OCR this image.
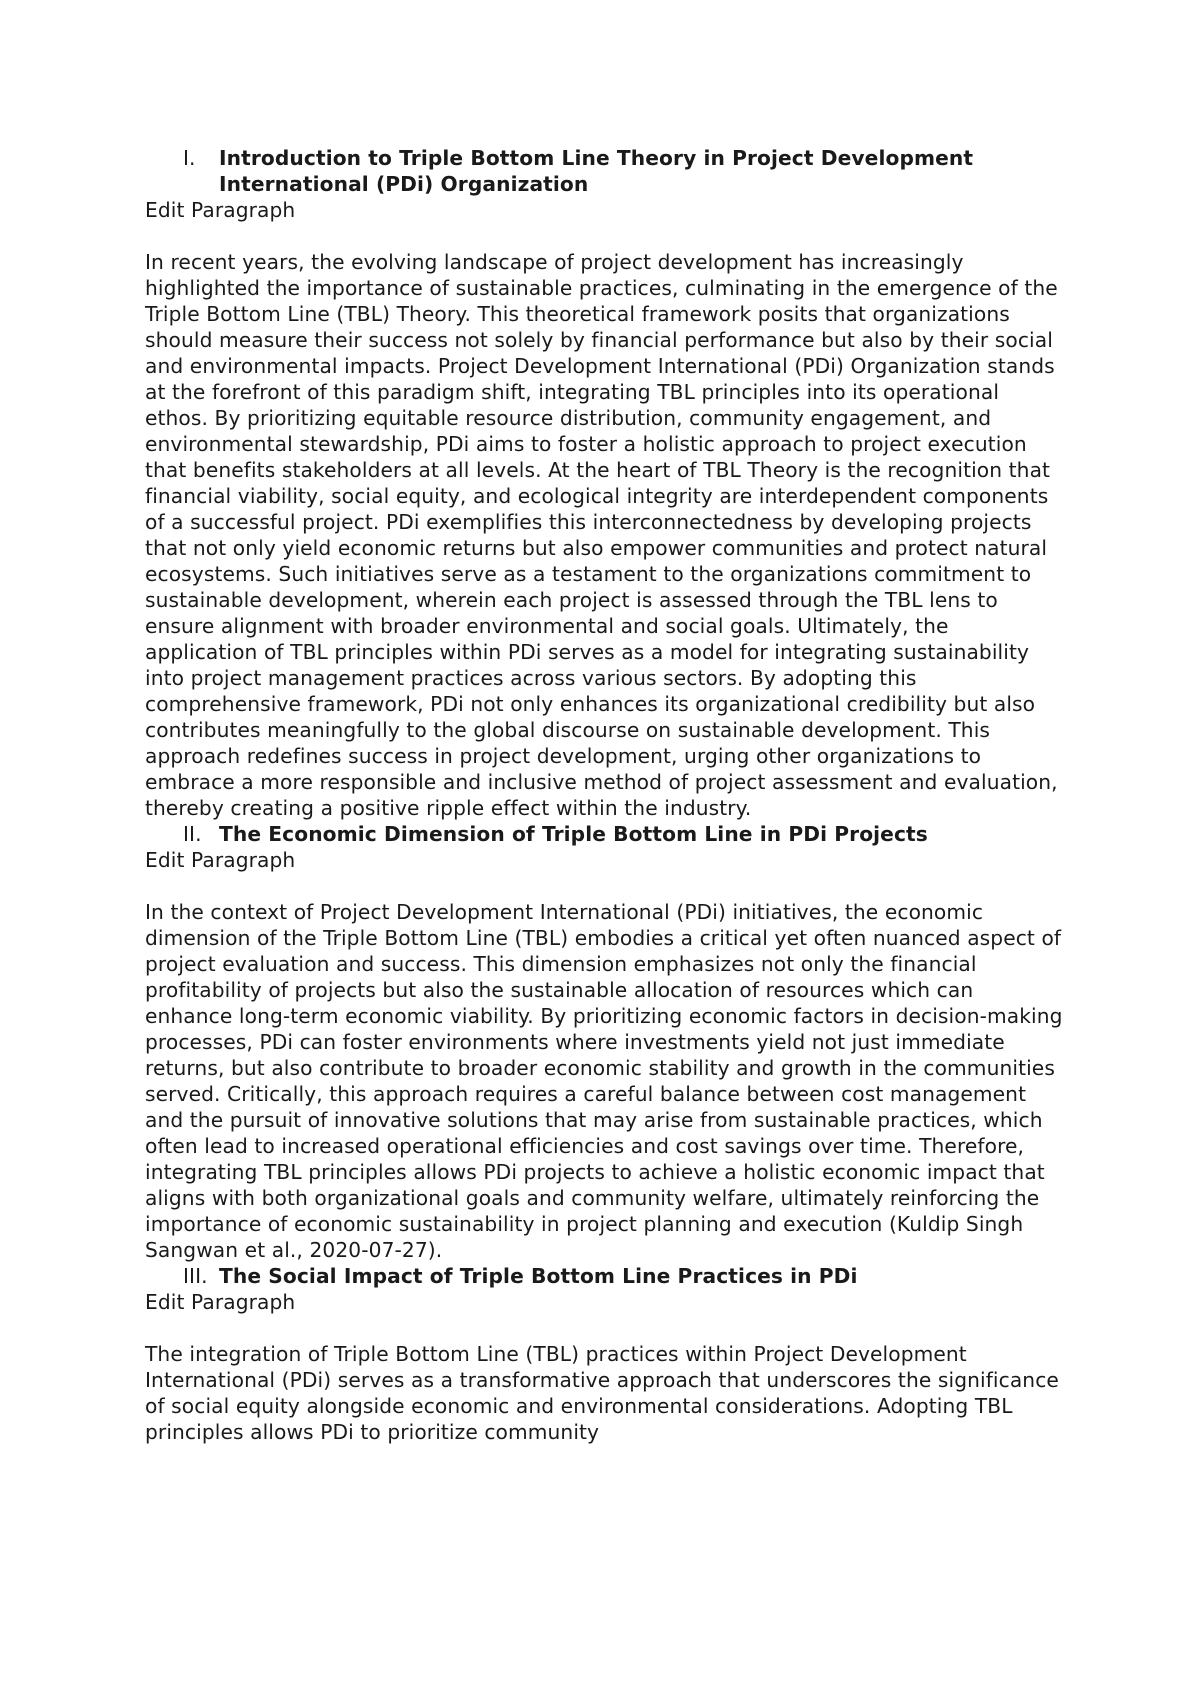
I.	Introduction to Triple Bottom Line Theory in Project Development International (PDi) Organization
Edit Paragraph

In recent years, the evolving landscape of project development has increasingly highlighted the importance of sustainable practices, culminating in the emergence of the Triple Bottom Line (TBL) Theory. This theoretical framework posits that organizations should measure their success not solely by financial performance but also by their social and environmental impacts. Project Development International (PDi) Organization stands at the forefront of this paradigm shift, integrating TBL principles into its operational ethos. By prioritizing equitable resource distribution, community engagement, and environmental stewardship, PDi aims to foster a holistic approach to project execution that benefits stakeholders at all levels. At the heart of TBL Theory is the recognition that financial viability, social equity, and ecological integrity are interdependent components of a successful project. PDi exemplifies this interconnectedness by developing projects that not only yield economic returns but also empower communities and protect natural ecosystems. Such initiatives serve as a testament to the organizations commitment to sustainable development, wherein each project is assessed through the TBL lens to ensure alignment with broader environmental and social goals. Ultimately, the application of TBL principles within PDi serves as a model for integrating sustainability into project management practices across various sectors. By adopting this comprehensive framework, PDi not only enhances its organizational credibility but also contributes meaningfully to the global discourse on sustainable development. This approach redefines success in project development, urging other organizations to embrace a more responsible and inclusive method of project assessment and evaluation, thereby creating a positive ripple effect within the industry.

II. The Economic Dimension of Triple Bottom Line in PDi Projects
Edit Paragraph

In the context of Project Development International (PDi) initiatives, the economic dimension of the Triple Bottom Line (TBL) embodies a critical yet often nuanced aspect of project evaluation and success. This dimension emphasizes not only the financial profitability of projects but also the sustainable allocation of resources which can enhance long-term economic viability. By prioritizing economic factors in decision-making processes, PDi can foster environments where investments yield not just immediate returns, but also contribute to broader economic stability and growth in the communities served. Critically, this approach requires a careful balance between cost management and the pursuit of innovative solutions that may arise from sustainable practices, which often lead to increased operational efficiencies and cost savings over time. Therefore, integrating TBL principles allows PDi projects to achieve a holistic economic impact that aligns with both organizational goals and community welfare, ultimately reinforcing the importance of economic sustainability in project planning and execution (Kuldip Singh Sangwan et al., 2020-07-27).

III. The Social Impact of Triple Bottom Line Practices in PDi
Edit Paragraph

The integration of Triple Bottom Line (TBL) practices within Project Development International (PDi) serves as a transformative approach that underscores the significance of social equity alongside economic and environmental considerations. Adopting TBL principles allows PDi to prioritize community
